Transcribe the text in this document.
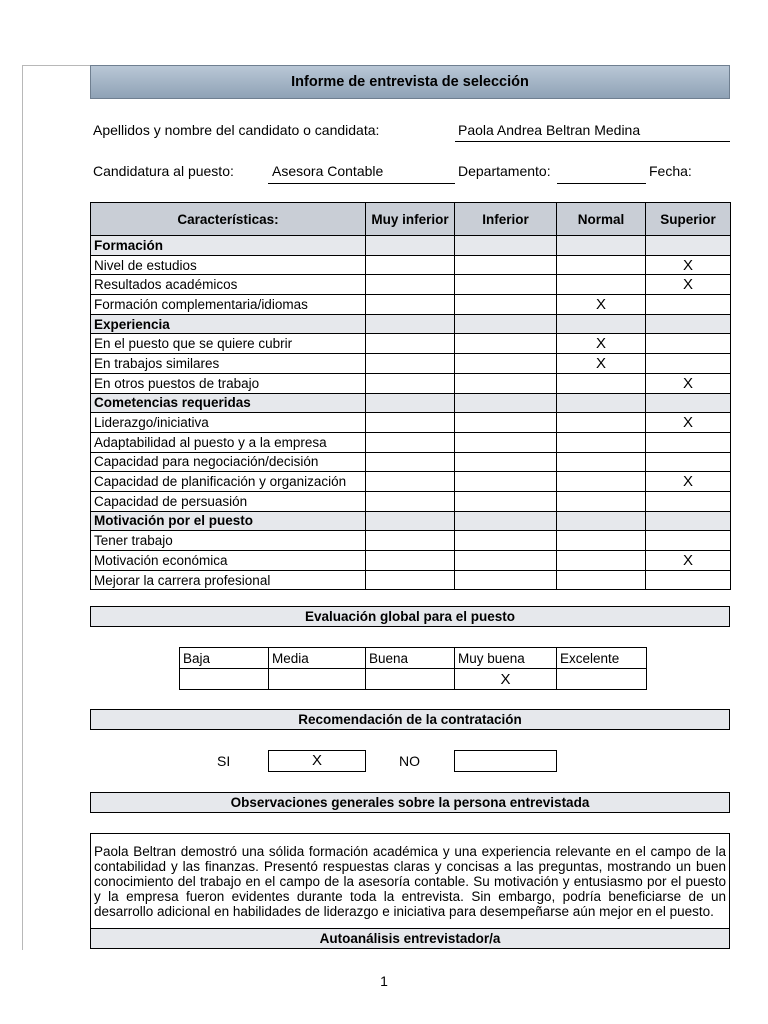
Informe de entrevista de selección
Apellidos y nombre del candidato o candidata:	Paola Andrea Beltran Medina
Candidatura al puesto:	Asesora Contable	Departamento:	Fecha:
Características:	Muy inferior	Inferior	Normal	Superior
Formación				
Nivel de estudios				X
Resultados académicos				X
Formación complementaria/idiomas			X	
Experiencia				
En el puesto que se quiere cubrir			X	
En trabajos similares			X	
En otros puestos de trabajo				X
Cometencias requeridas				
Liderazgo/iniciativa				X
Adaptabilidad al puesto y a la empresa				
Capacidad para negociación/decisión				
Capacidad de planificación y organización				X
Capacidad de persuasión				
Motivación por el puesto				
Tener trabajo				
Motivación económica				X
Mejorar la carrera profesional				
Evaluación global para el puesto
Baja	Media	Buena	Muy buena	Excelente
			X	
Recomendación de la contratación
SI	X	NO
Observaciones generales sobre la persona entrevistada
Paola Beltran demostró una sólida formación académica y una experiencia relevante en el campo de la contabilidad y las finanzas. Presentó respuestas claras y concisas a las preguntas, mostrando un buen conocimiento del trabajo en el campo de la asesoría contable. Su motivación y entusiasmo por el puesto y la empresa fueron evidentes durante toda la entrevista. Sin embargo, podría beneficiarse de un desarrollo adicional en habilidades de liderazgo e iniciativa para desempeñarse aún mejor en el puesto.
Autoanálisis entrevistador/a
1
